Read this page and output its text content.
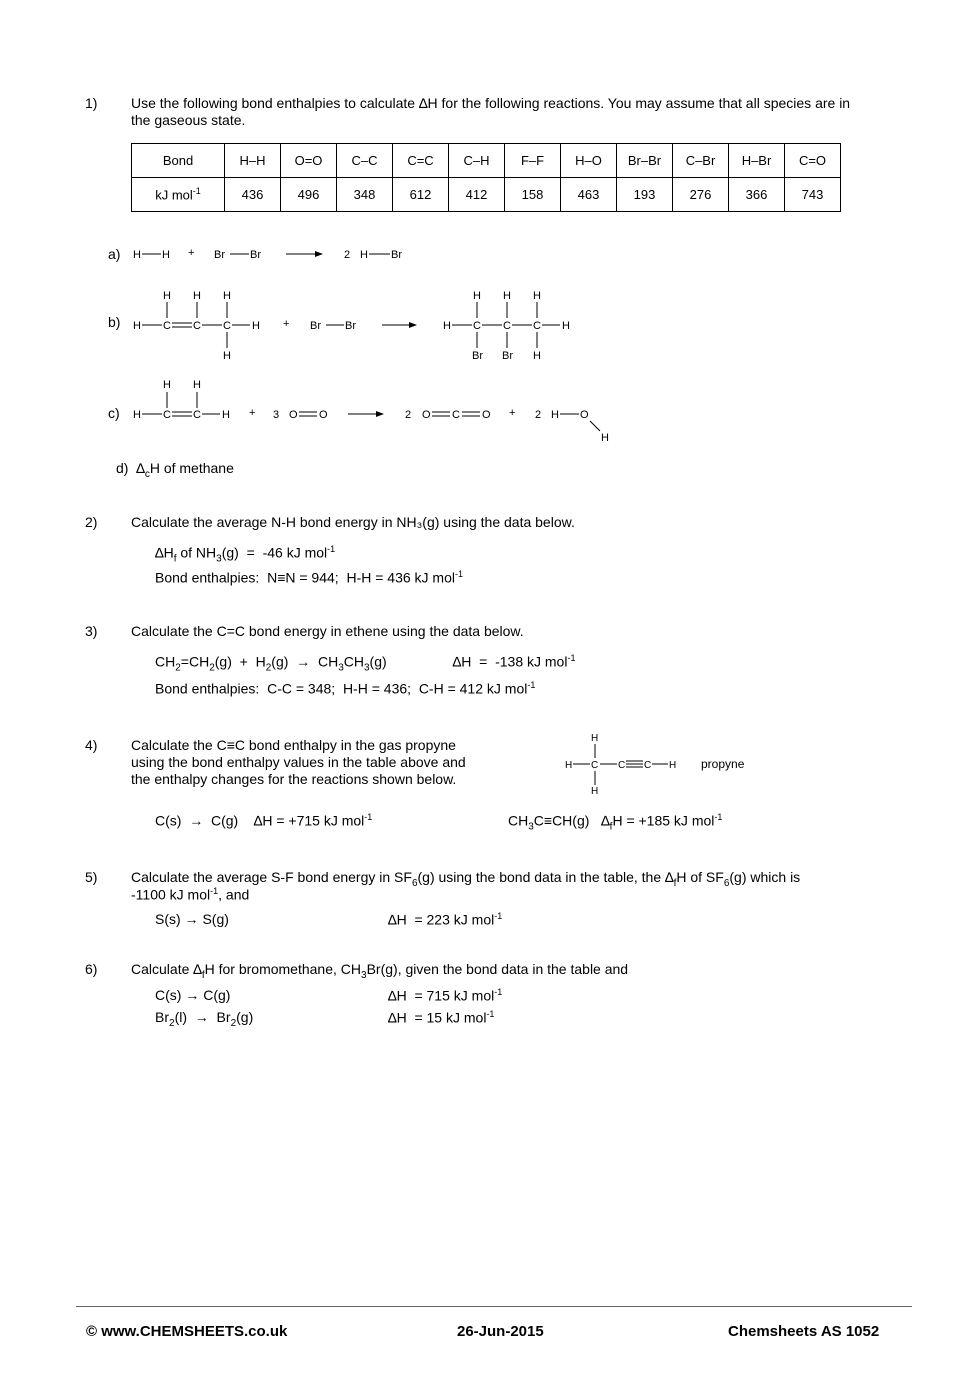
1) Use the following bond enthalpies to calculate ∆H for the following reactions. You may assume that all species are in
the gaseous state.
Bond	H–H	O=O	C–C	C=C	C–H	F–F	H–O	Br–Br	C–Br	H–Br	C=O
kJ mol$^{-1}$	436	496	348	612	412	158	463	193	276	366	743
a) H H + Br Br	2 H Br
b)
H H H
H C C C H
H
+ Br Br
H H H
H C C C H
Br Br H
c)
H H
H C C H + 3 O O	2 O C O + 2 H O
H
d) $\Delta_cH$ of methane
2) Calculate the average N-H bond energy in NH₃(g) using the data below.
$\Delta H_f$ of $NH_3(g) = -46$ kJ mol$^{-1}$
Bond enthalpies:  N≡N = 944;  H-H = 436 kJ mol$^{-1}$
3) Calculate the C=C bond energy in ethene using the data below.
$CH_2=CH_2(g) + H_2(g) \to CH_3CH_3(g)$	∆H  =  -138 kJ mol$^{-1}$
Bond enthalpies:  C-C = 348;  H-H = 436;  C-H = 412 kJ mol$^{-1}$
4) Calculate the C≡C bond enthalpy in the gas propyne
using the bond enthalpy values in the table above and
the enthalpy changes for the reactions shown below.
H
H C C C H
H
propyne
C(s)  →  C(g)    ∆H = +715 kJ mol$^{-1}$	$CH_3C\equiv CH(g) \Delta_fH = +185$ kJ mol$^{-1}$
5) Calculate the average S-F bond energy in $SF_6(g)$ using the bond data in the table, the $\Delta_fH$ of $SF_6(g)$ which is
-1100 kJ mol$^{-1}$, and
S(s) → S(g)	∆H  = 223 kJ mol$^{-1}$
6) Calculate $\Delta_fH$ for bromomethane, $CH_3Br(g)$, given the bond data in the table and
C(s) → C(g)	∆H  = 715 kJ mol$^{-1}$
$Br_2(l) \to Br_2(g)$	∆H  = 15 kJ mol$^{-1}$
© www.CHEMSHEETS.co.uk	26-Jun-2015	Chemsheets AS 1052
